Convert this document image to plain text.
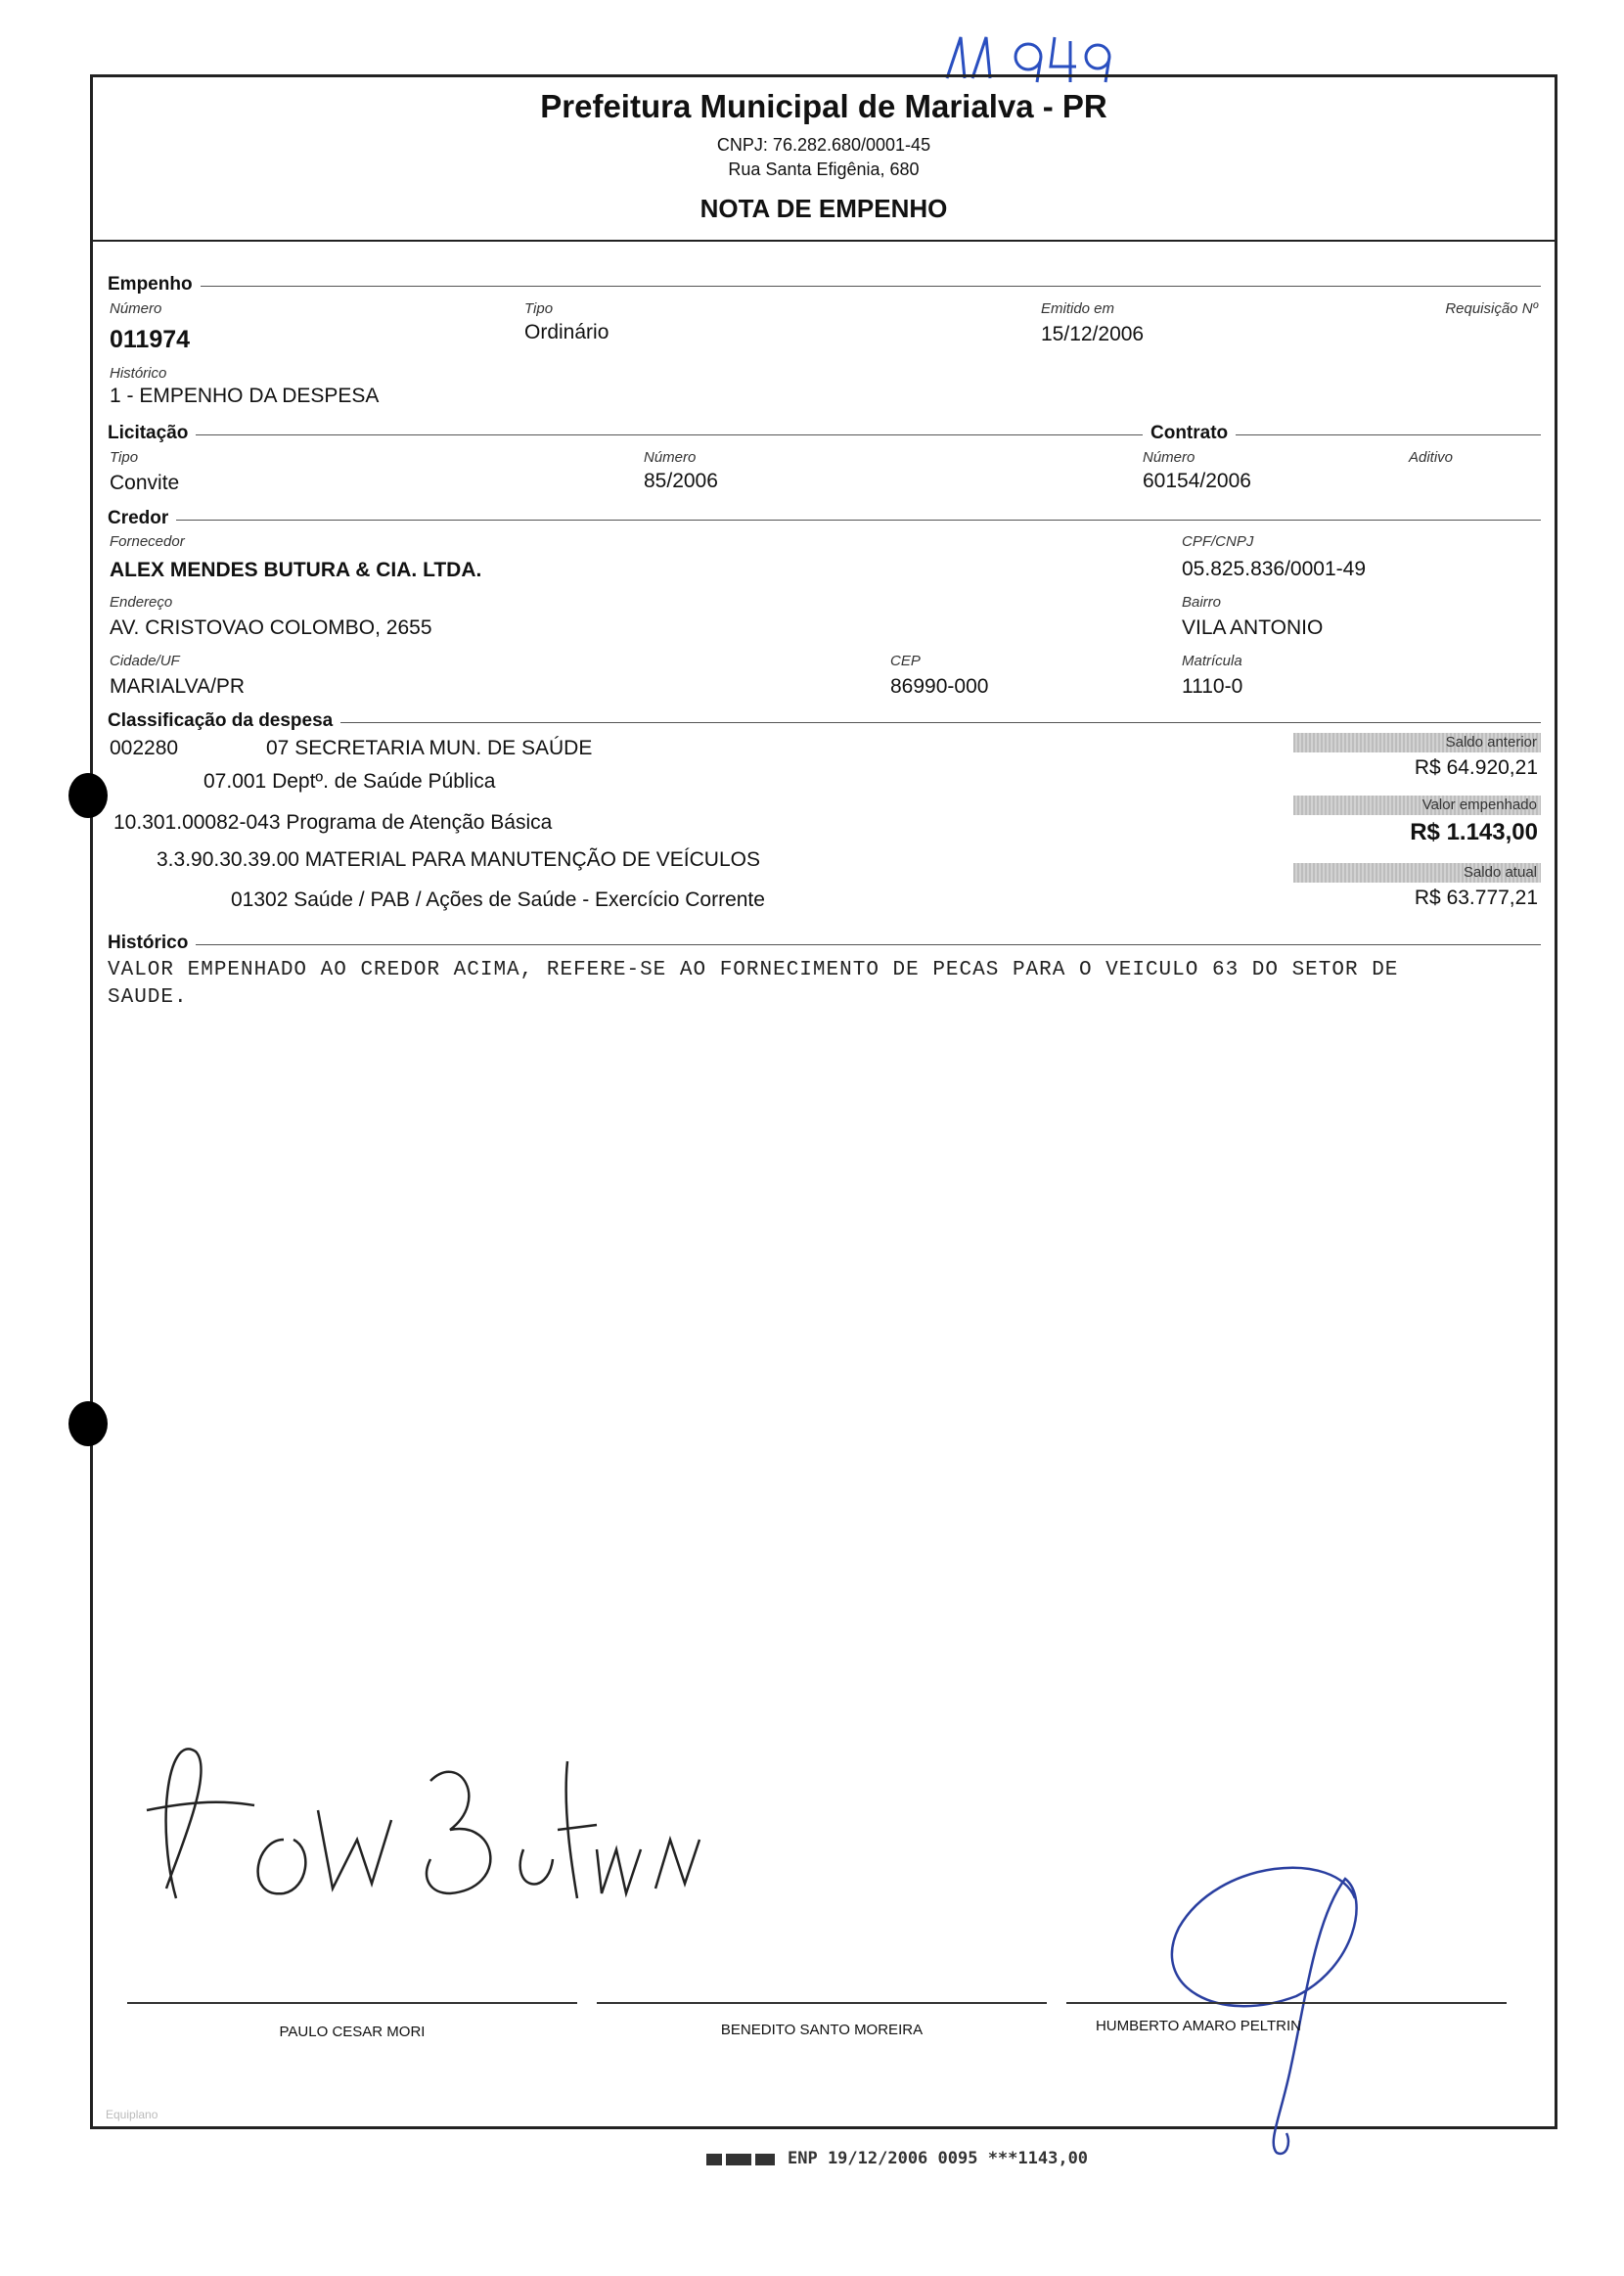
Prefeitura Municipal de Marialva - PR
CNPJ: 76.282.680/0001-45
Rua Santa Efigênia, 680
NOTA DE EMPENHO
Empenho
Número
011974
Tipo
Ordinário
Emitido em
15/12/2006
Requisição Nº
Histórico
1 - EMPENHO DA DESPESA
Licitação	Contrato
Tipo
Convite
Número
85/2006
Número
60154/2006
Aditivo
Credor
Fornecedor
ALEX MENDES BUTURA & CIA. LTDA.
CPF/CNPJ
05.825.836/0001-49
Endereço
AV. CRISTOVAO COLOMBO, 2655
Bairro
VILA ANTONIO
Cidade/UF
MARIALVA/PR
CEP
86990-000
Matrícula
1110-0
Classificação da despesa
002280	07 SECRETARIA MUN. DE SAÚDE
07.001 Deptº. de Saúde Pública
10.301.00082-043 Programa de Atenção Básica
3.3.90.30.39.00 MATERIAL PARA MANUTENÇÃO DE VEÍCULOS
01302 Saúde / PAB / Ações de Saúde - Exercício Corrente
Saldo anterior
R$ 64.920,21
Valor empenhado
R$ 1.143,00
Saldo atual
R$ 63.777,21
Histórico
VALOR EMPENHADO AO CREDOR ACIMA, REFERE-SE AO FORNECIMENTO DE PECAS PARA O VEICULO 63 DO SETOR DE
SAUDE.
PAULO CESAR MORI	BENEDITO SANTO MOREIRA	HUMBERTO AMARO PELTRIN
Equiplano
ENP 19/12/2006 0095 ***1143,00
